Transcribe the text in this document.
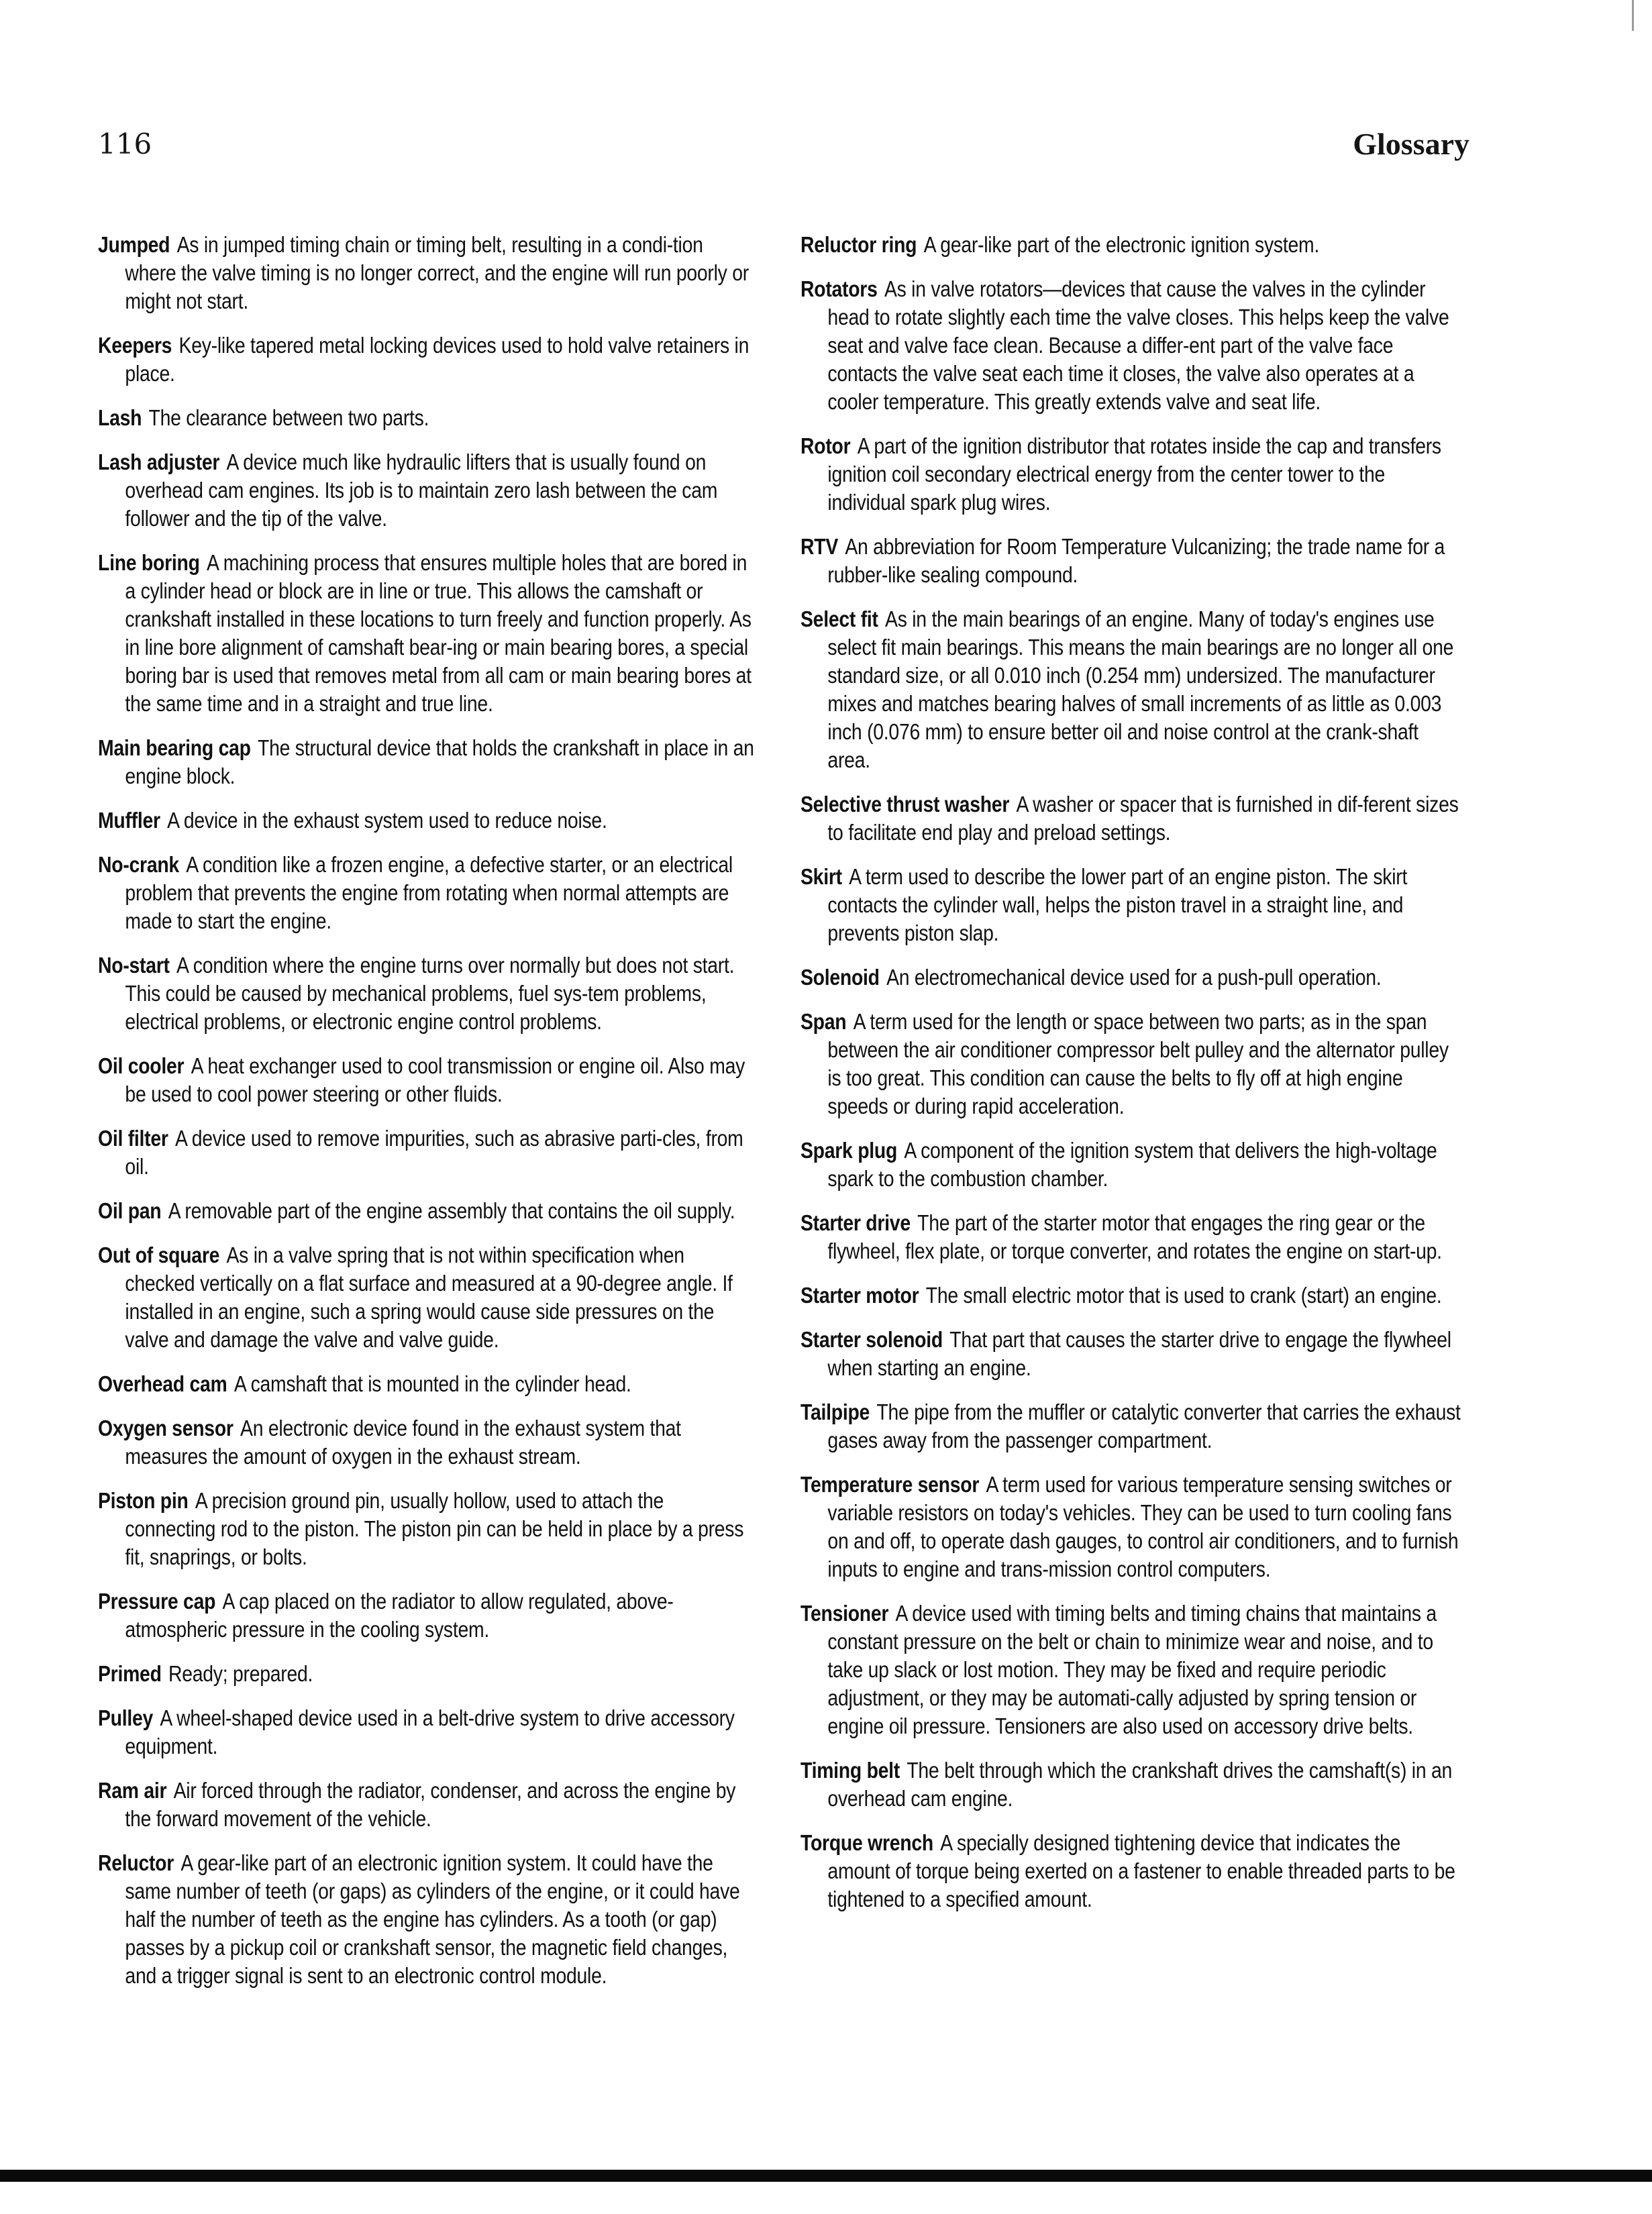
116	Glossary

Jumped As in jumped timing chain or timing belt, resulting in a condi-tion where the valve timing is no longer correct, and the engine will run poorly or might not start.

Keepers Key-like tapered metal locking devices used to hold valve retainers in place.

Lash The clearance between two parts.

Lash adjuster A device much like hydraulic lifters that is usually found on overhead cam engines. Its job is to maintain zero lash between the cam follower and the tip of the valve.

Line boring A machining process that ensures multiple holes that are bored in a cylinder head or block are in line or true. This allows the camshaft or crankshaft installed in these locations to turn freely and function properly. As in line bore alignment of camshaft bear-ing or main bearing bores, a special boring bar is used that removes metal from all cam or main bearing bores at the same time and in a straight and true line.

Main bearing cap The structural device that holds the crankshaft in place in an engine block.

Muffler A device in the exhaust system used to reduce noise.

No-crank A condition like a frozen engine, a defective starter, or an electrical problem that prevents the engine from rotating when normal attempts are made to start the engine.

No-start A condition where the engine turns over normally but does not start. This could be caused by mechanical problems, fuel sys-tem problems, electrical problems, or electronic engine control problems.

Oil cooler A heat exchanger used to cool transmission or engine oil. Also may be used to cool power steering or other fluids.

Oil filter A device used to remove impurities, such as abrasive parti-cles, from oil.

Oil pan A removable part of the engine assembly that contains the oil supply.

Out of square As in a valve spring that is not within specification when checked vertically on a flat surface and measured at a 90-degree angle. If installed in an engine, such a spring would cause side pressures on the valve and damage the valve and valve guide.

Overhead cam A camshaft that is mounted in the cylinder head.

Oxygen sensor An electronic device found in the exhaust system that measures the amount of oxygen in the exhaust stream.

Piston pin A precision ground pin, usually hollow, used to attach the connecting rod to the piston. The piston pin can be held in place by a press fit, snaprings, or bolts.

Pressure cap A cap placed on the radiator to allow regulated, above-atmospheric pressure in the cooling system.

Primed Ready; prepared.

Pulley A wheel-shaped device used in a belt-drive system to drive accessory equipment.

Ram air Air forced through the radiator, condenser, and across the engine by the forward movement of the vehicle.

Reluctor A gear-like part of an electronic ignition system. It could have the same number of teeth (or gaps) as cylinders of the engine, or it could have half the number of teeth as the engine has cylinders. As a tooth (or gap) passes by a pickup coil or crankshaft sensor, the magnetic field changes, and a trigger signal is sent to an electronic control module.

Reluctor ring A gear-like part of the electronic ignition system.

Rotators As in valve rotators—devices that cause the valves in the cylinder head to rotate slightly each time the valve closes. This helps keep the valve seat and valve face clean. Because a differ-ent part of the valve face contacts the valve seat each time it closes, the valve also operates at a cooler temperature. This greatly extends valve and seat life.

Rotor A part of the ignition distributor that rotates inside the cap and transfers ignition coil secondary electrical energy from the center tower to the individual spark plug wires.

RTV An abbreviation for Room Temperature Vulcanizing; the trade name for a rubber-like sealing compound.

Select fit As in the main bearings of an engine. Many of today's engines use select fit main bearings. This means the main bearings are no longer all one standard size, or all 0.010 inch (0.254 mm) undersized. The manufacturer mixes and matches bearing halves of small increments of as little as 0.003 inch (0.076 mm) to ensure better oil and noise control at the crank-shaft area.

Selective thrust washer A washer or spacer that is furnished in dif-ferent sizes to facilitate end play and preload settings.

Skirt A term used to describe the lower part of an engine piston. The skirt contacts the cylinder wall, helps the piston travel in a straight line, and prevents piston slap.

Solenoid An electromechanical device used for a push-pull operation.

Span A term used for the length or space between two parts; as in the span between the air conditioner compressor belt pulley and the alternator pulley is too great. This condition can cause the belts to fly off at high engine speeds or during rapid acceleration.

Spark plug A component of the ignition system that delivers the high-voltage spark to the combustion chamber.

Starter drive The part of the starter motor that engages the ring gear or the flywheel, flex plate, or torque converter, and rotates the engine on start-up.

Starter motor The small electric motor that is used to crank (start) an engine.

Starter solenoid That part that causes the starter drive to engage the flywheel when starting an engine.

Tailpipe The pipe from the muffler or catalytic converter that carries the exhaust gases away from the passenger compartment.

Temperature sensor A term used for various temperature sensing switches or variable resistors on today's vehicles. They can be used to turn cooling fans on and off, to operate dash gauges, to control air conditioners, and to furnish inputs to engine and trans-mission control computers.

Tensioner A device used with timing belts and timing chains that maintains a constant pressure on the belt or chain to minimize wear and noise, and to take up slack or lost motion. They may be fixed and require periodic adjustment, or they may be automati-cally adjusted by spring tension or engine oil pressure. Tensioners are also used on accessory drive belts.

Timing belt The belt through which the crankshaft drives the camshaft(s) in an overhead cam engine.

Torque wrench A specially designed tightening device that indicates the amount of torque being exerted on a fastener to enable threaded parts to be tightened to a specified amount.
